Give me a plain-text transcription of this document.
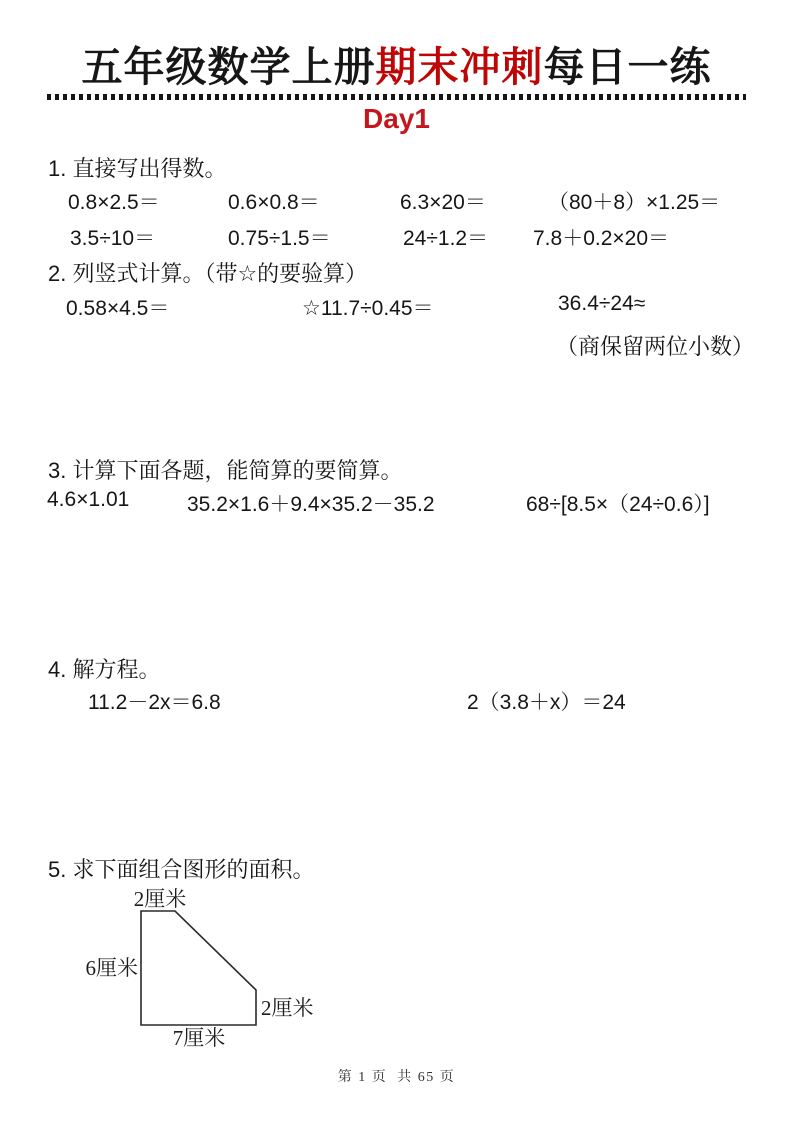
五年级数学上册期末冲刺每日一练
Day1
1. 直接写出得数。
0.8×2.5＝	0.6×0.8＝	6.3×20＝	（80＋8）×1.25＝
3.5÷10＝	0.75÷1.5＝	24÷1.2＝ 7.8＋0.2×20＝
2. 列竖式计算。（带☆的要验算）
0.58×4.5＝	☆11.7÷0.45＝	36.4÷24≈
（商保留两位小数）
3. 计算下面各题，能简算的要简算。
4.6×1.01	35.2×1.6＋9.4×35.2－35.2	68÷[8.5×（24÷0.6）]
4. 解方程。
11.2－2x＝6.8	2（3.8＋x）＝24
5. 求下面组合图形的面积。
2厘米
6厘米
2厘米
7厘米
第 1 页  共 65 页
